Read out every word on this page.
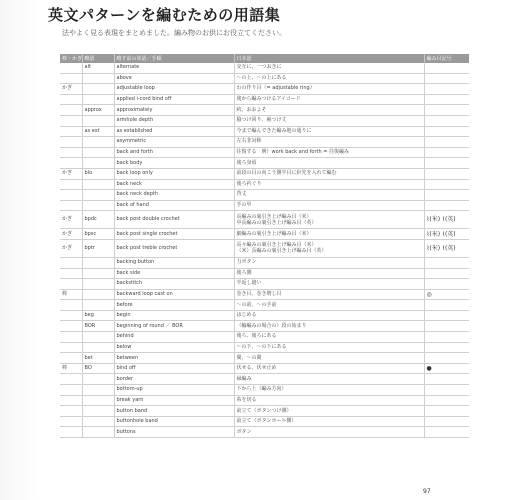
英文パターンを編むための用語集
法やよく見る表現をまとめました。編み物のお供にお役立てください。
棒・かぎ	略語	略す前の単語／手順	日本語	編み目記号
	alt	alternate	交互に、一つおきに	
		above	〜の上、〜の上にある	
かぎ		adjustable loop	わの作り目（= adjustable ring）	
		applied i-cord bind off	後から編みつけるアイコード	
	approx	approximately	約、おおよそ	
		armhole depth	脇つけ回り、袖つけ丈	
	as est	as established	今まで編んできた編み地の通りに	
		asymmetric	左右非対称	
		back and forth	往復する　例）work back and forth = 往復編み	
		back body	後ろ身頃	
かぎ	blo	back loop only	前段の目の向こう側半目に針先を入れて編む	
		back neck	後ろ衿ぐり	
		back neck depth	背丈	
		back of hand	手の甲	
かぎ	bpdc	back post double crochet	長編みの裏引き上げ編み目（米）
中長編みの裏引き上げ編み目（英）	⌇(米) ⌇(英)
かぎ	bpsc	back post single crochet	細編みの裏引き上げ編み目（米）	⌇(米) ⌇(英)
かぎ	bptr	back post treble crochet	長々編みの裏引き上げ編み目（米）
（米）長編みの裏引き上げ編み目（英）	⌇(米) ⌇(英)
		backing button	力ボタン	
		back side	後ろ側	
		backstitch	半返し縫い	
棒		backward loop cast on	巻き目、巻き増し目	◎
		before	〜の前、〜の手前	
	beg	begin	はじめる	
	BOR	beginning of round ／ BOR	（輪編みの場合の）段の始まり	
		behind	後ろ、後ろにある	
		below	〜の下、〜の下にある	
	bet	between	間、〜の間	
棒	BO	bind off	伏せる、伏せ止め	●
		border	縁編み	
		bottom-up	下から上（編み方向）	
		break yarn	糸を切る	
		button band	前立て（ボタンつけ側）	
		buttonhole band	前立て（ボタンホール側）	
		buttons	ボタン	
97
